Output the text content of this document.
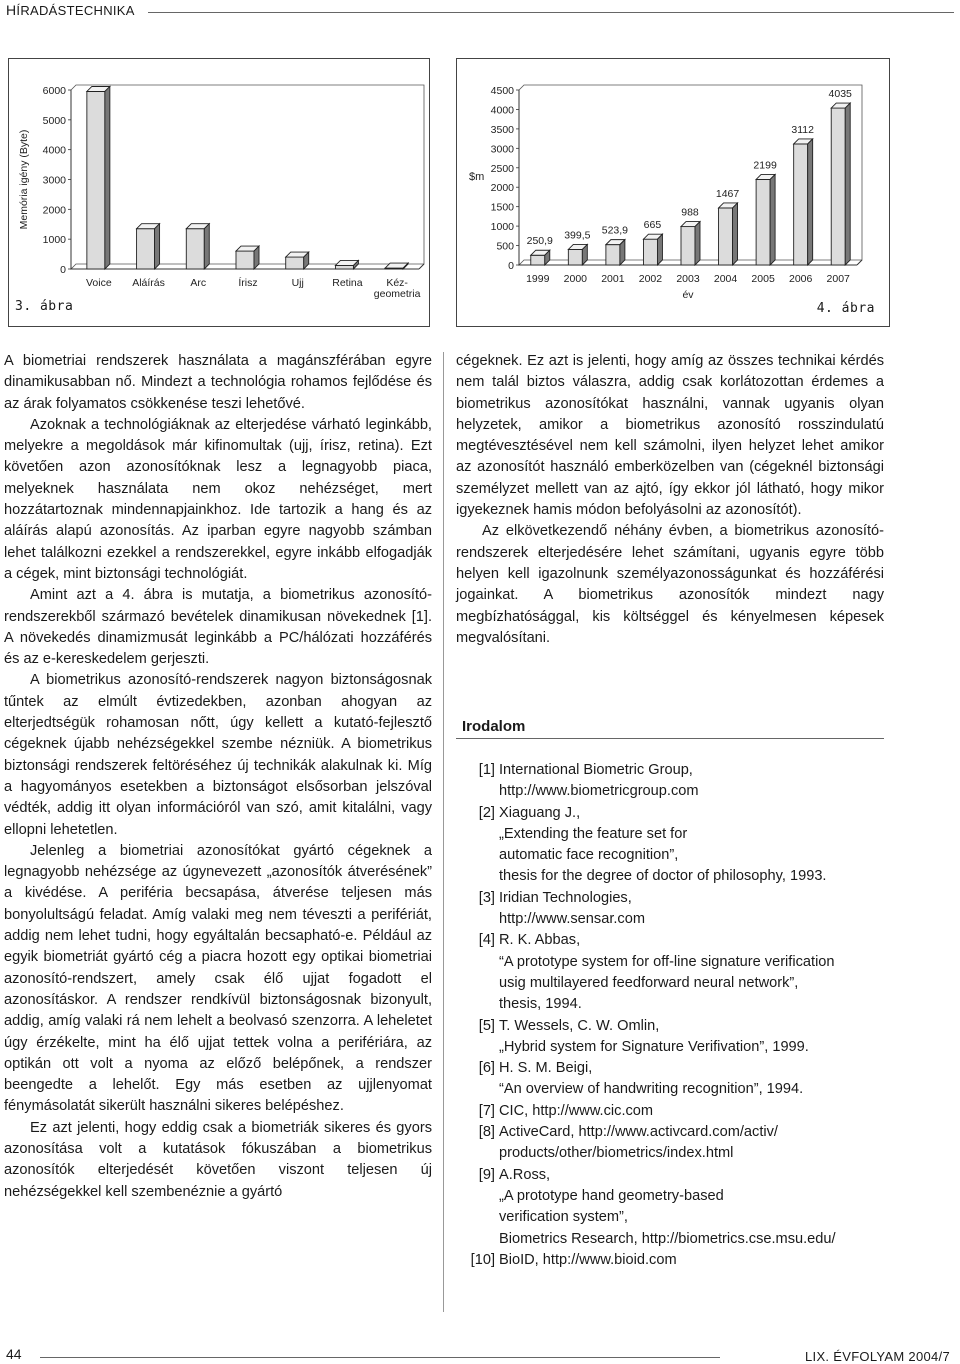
HÍRADÁSTECHNIKA
0
1000
2000
3000
4000
5000
6000
Voice Aláírás Arc	Írisz	Ujj	Retina Kéz-
geometria
Memória igény (Byte)
3. ábra
0
500
1000
1500
2000
2500
3000
3500
4000
4500
250,9
1999
399,5
2000
523,9
2001
665
2002
988
2003
1467
2004
2199
2005
3112
2006
4035
2007
$m
év
4. ábra

A biometriai rendszerek használata a magánszférában egyre dinamikusabban nő. Mindezt a technológia rohamos fejlődése és az árak folyamatos csökkenése teszi lehetővé.

Azoknak a technológiáknak az elterjedése várható leginkább, melyekre a megoldások már kifinomultak (ujj, írisz, retina). Ezt követően azon azonosítóknak lesz a legnagyobb piaca, melyeknek használata nem okoz nehézséget, mert hozzátartoznak mindennapjainkhoz. Ide tartozik a hang és az aláírás alapú azonosítás. Az iparban egyre nagyobb számban lehet találkozni ezekkel a rendszerekkel, egyre inkább elfogadják a cégek, mint biztonsági technológiát.

Amint azt a 4. ábra is mutatja, a biometrikus azonosító-rendszerekből származó bevételek dinamikusan növekednek [1]. A növekedés dinamizmusát leginkább a PC/hálózati hozzáférés és az e-kereskedelem gerjeszti.

A biometrikus azonosító-rendszerek nagyon biztonságosnak tűntek az elmúlt évtizedekben, azonban ahogyan az elterjedtségük rohamosan nőtt, úgy kellett a kutató-fejlesztő cégeknek újabb nehézségekkel szembe nézniük. A biometrikus biztonsági rendszerek feltöréséhez új technikák alakulnak ki. Míg a hagyományos esetekben a biztonságot elsősorban jelszóval védték, addig itt olyan információról van szó, amit kitalálni, vagy ellopni lehetetlen.

Jelenleg a biometriai azonosítókat gyártó cégeknek a legnagyobb nehézsége az úgynevezett „azonosítók átverésének” a kivédése. A periféria becsapása, átverése teljesen más bonyolultságú feladat. Amíg valaki meg nem téveszti a perifériát, addig nem lehet tudni, hogy egyáltalán becsapható-e. Például az egyik biometriát gyártó cég a piacra hozott egy optikai biometriai azonosító-rendszert, amely csak élő ujjat fogadott el azonosításkor. A rendszer rendkívül biztonságosnak bizonyult, addig, amíg valaki rá nem lehelt a beolvasó szenzorra. A leheletet úgy érzékelte, mint ha élő ujjat tettek volna a perifériára, az optikán ott volt a nyoma az előző belépőnek, a rendszer beengedte a lehelőt. Egy más esetben az ujjlenyomat fénymásolatát sikerült használni sikeres belépéshez.

Ez azt jelenti, hogy eddig csak a biometriák sikeres és gyors azonosítása volt a kutatások fókuszában a biometrikus azonosítók elterjedését követően viszont teljesen új nehézségekkel kell szembenéznie a gyártó

cégeknek. Ez azt is jelenti, hogy amíg az összes technikai kérdés nem talál biztos válaszra, addig csak korlátozottan érdemes a biometrikus azonosítókat használni, vannak ugyanis olyan helyzetek, amikor a biometrikus azonosító rosszindulatú megtévesztésével nem kell számolni, ilyen helyzet lehet amikor az azonosítót használó emberközelben van (cégeknél biztonsági személyzet mellett van az ajtó, így ekkor jól látható, hogy mikor igyekeznek hamis módon befolyásolni az azonosítót).

Az elkövetkezendő néhány évben, a biometrikus azonosító-rendszerek elterjedésére lehet számítani, ugyanis egyre több helyen kell igazolnunk személyazonosságunkat és hozzáférési jogainkat. A biometrikus azonosítók mindezt nagy megbízhatósággal, kis költséggel és kényelmesen képesek megvalósítani.

Irodalom
[1] International Biometric Group,
http://www.biometricgroup.com
[2] Xiaguang J.,
„Extending the feature set for
automatic face recognition”,
thesis for the degree of doctor of philosophy, 1993.
[3] Iridian Technologies,
http://www.sensar.com
[4] R. K. Abbas,
“A prototype system for off-line signature verification
usig multilayered feedforward neural network”,
thesis, 1994.
[5] T. Wessels, C. W. Omlin,
„Hybrid system for Signature Verifivation”, 1999.
[6] H. S. M. Beigi,
“An overview of handwriting recognition”, 1994.
[7] CIC, http://www.cic.com
[8] ActiveCard, http://www.activcard.com/activ/
products/other/biometrics/index.html
[9] A.Ross,
„A prototype hand geometry-based
verification system”,
Biometrics Research, http://biometrics.cse.msu.edu/
[10] BioID, http://www.bioid.com
44	LIX. ÉVFOLYAM 2004/7
